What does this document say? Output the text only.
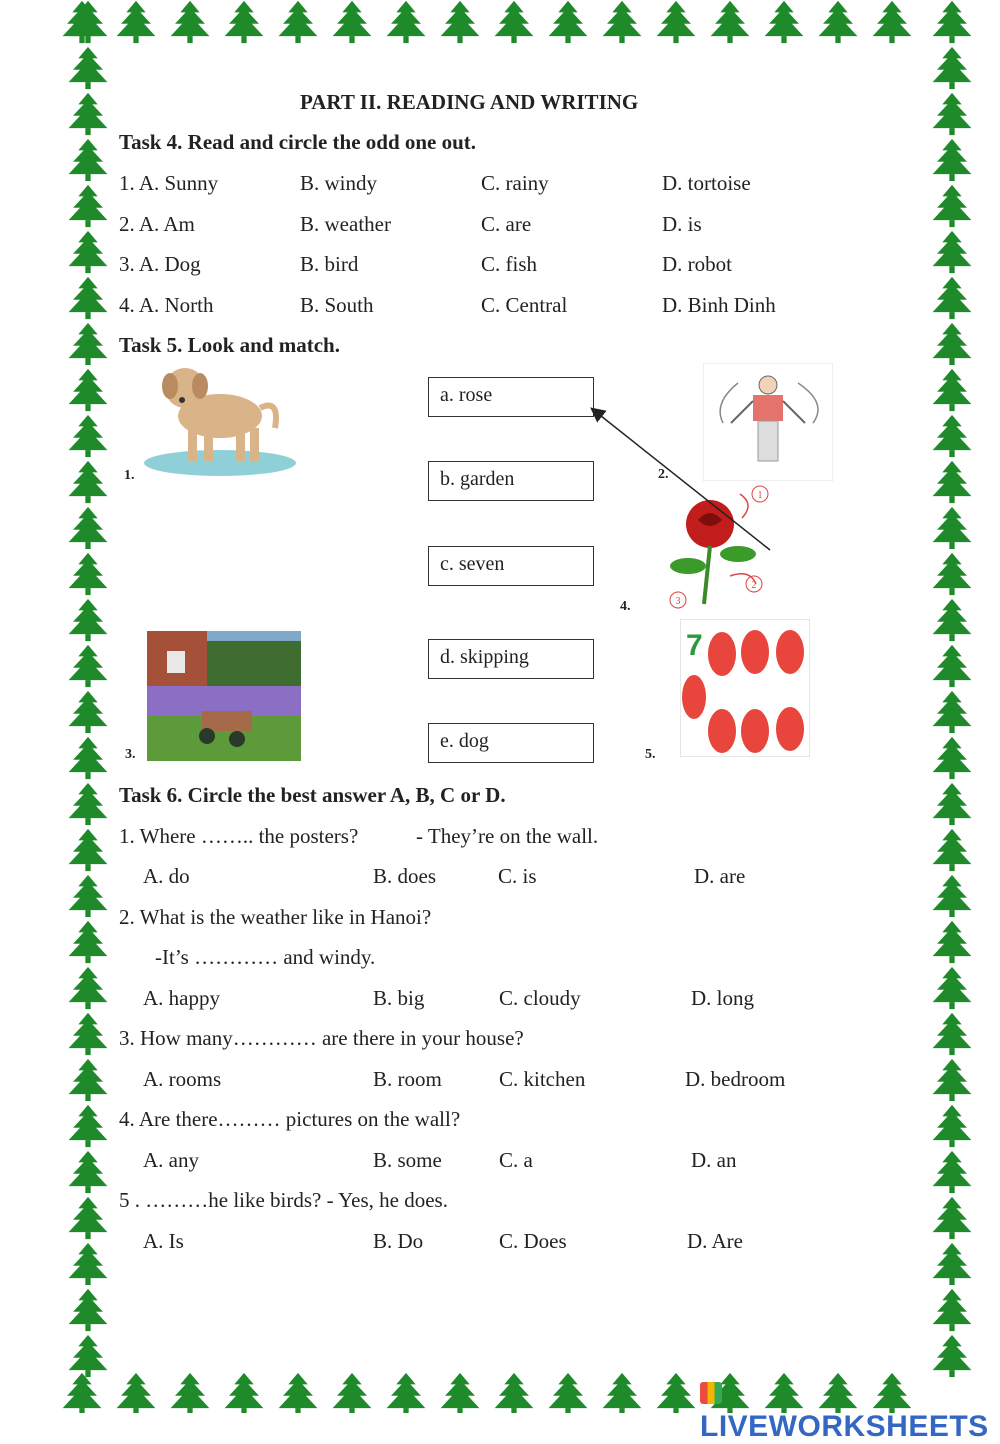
PART II. READING AND WRITING
Task 4. Read and circle the odd one out.
1. A. Sunny	B. windy	C. rainy	D. tortoise
2. A. Am	B. weather	C. are	D. is
3. A. Dog	B. bird	C. fish	D. robot
4. A. North	B. South	C. Central	D. Binh Dinh
Task 5. Look and match.
1.
3.
a. rose
b. garden
c. seven
d. skipping
e. dog
2.
1
2
3
4.
7
5.
Task 6. Circle the best answer A, B, C or D.
1. Where …….. the posters?	- They’re on the wall.
A. do	B. does	C. is	D. are
2. What is the weather like in Hanoi?
-It’s ………… and windy.
A. happy	B. big	C. cloudy	D. long
3. How many………… are there in your house?
A. rooms	B. room	C. kitchen	D. bedroom
4. Are there……… pictures on the wall?
A. any	B. some	C. a	D. an
5 . ………he like birds? - Yes, he does.
A. Is	B. Do	C. Does	D. Are
LIVEWORKSHEETS
